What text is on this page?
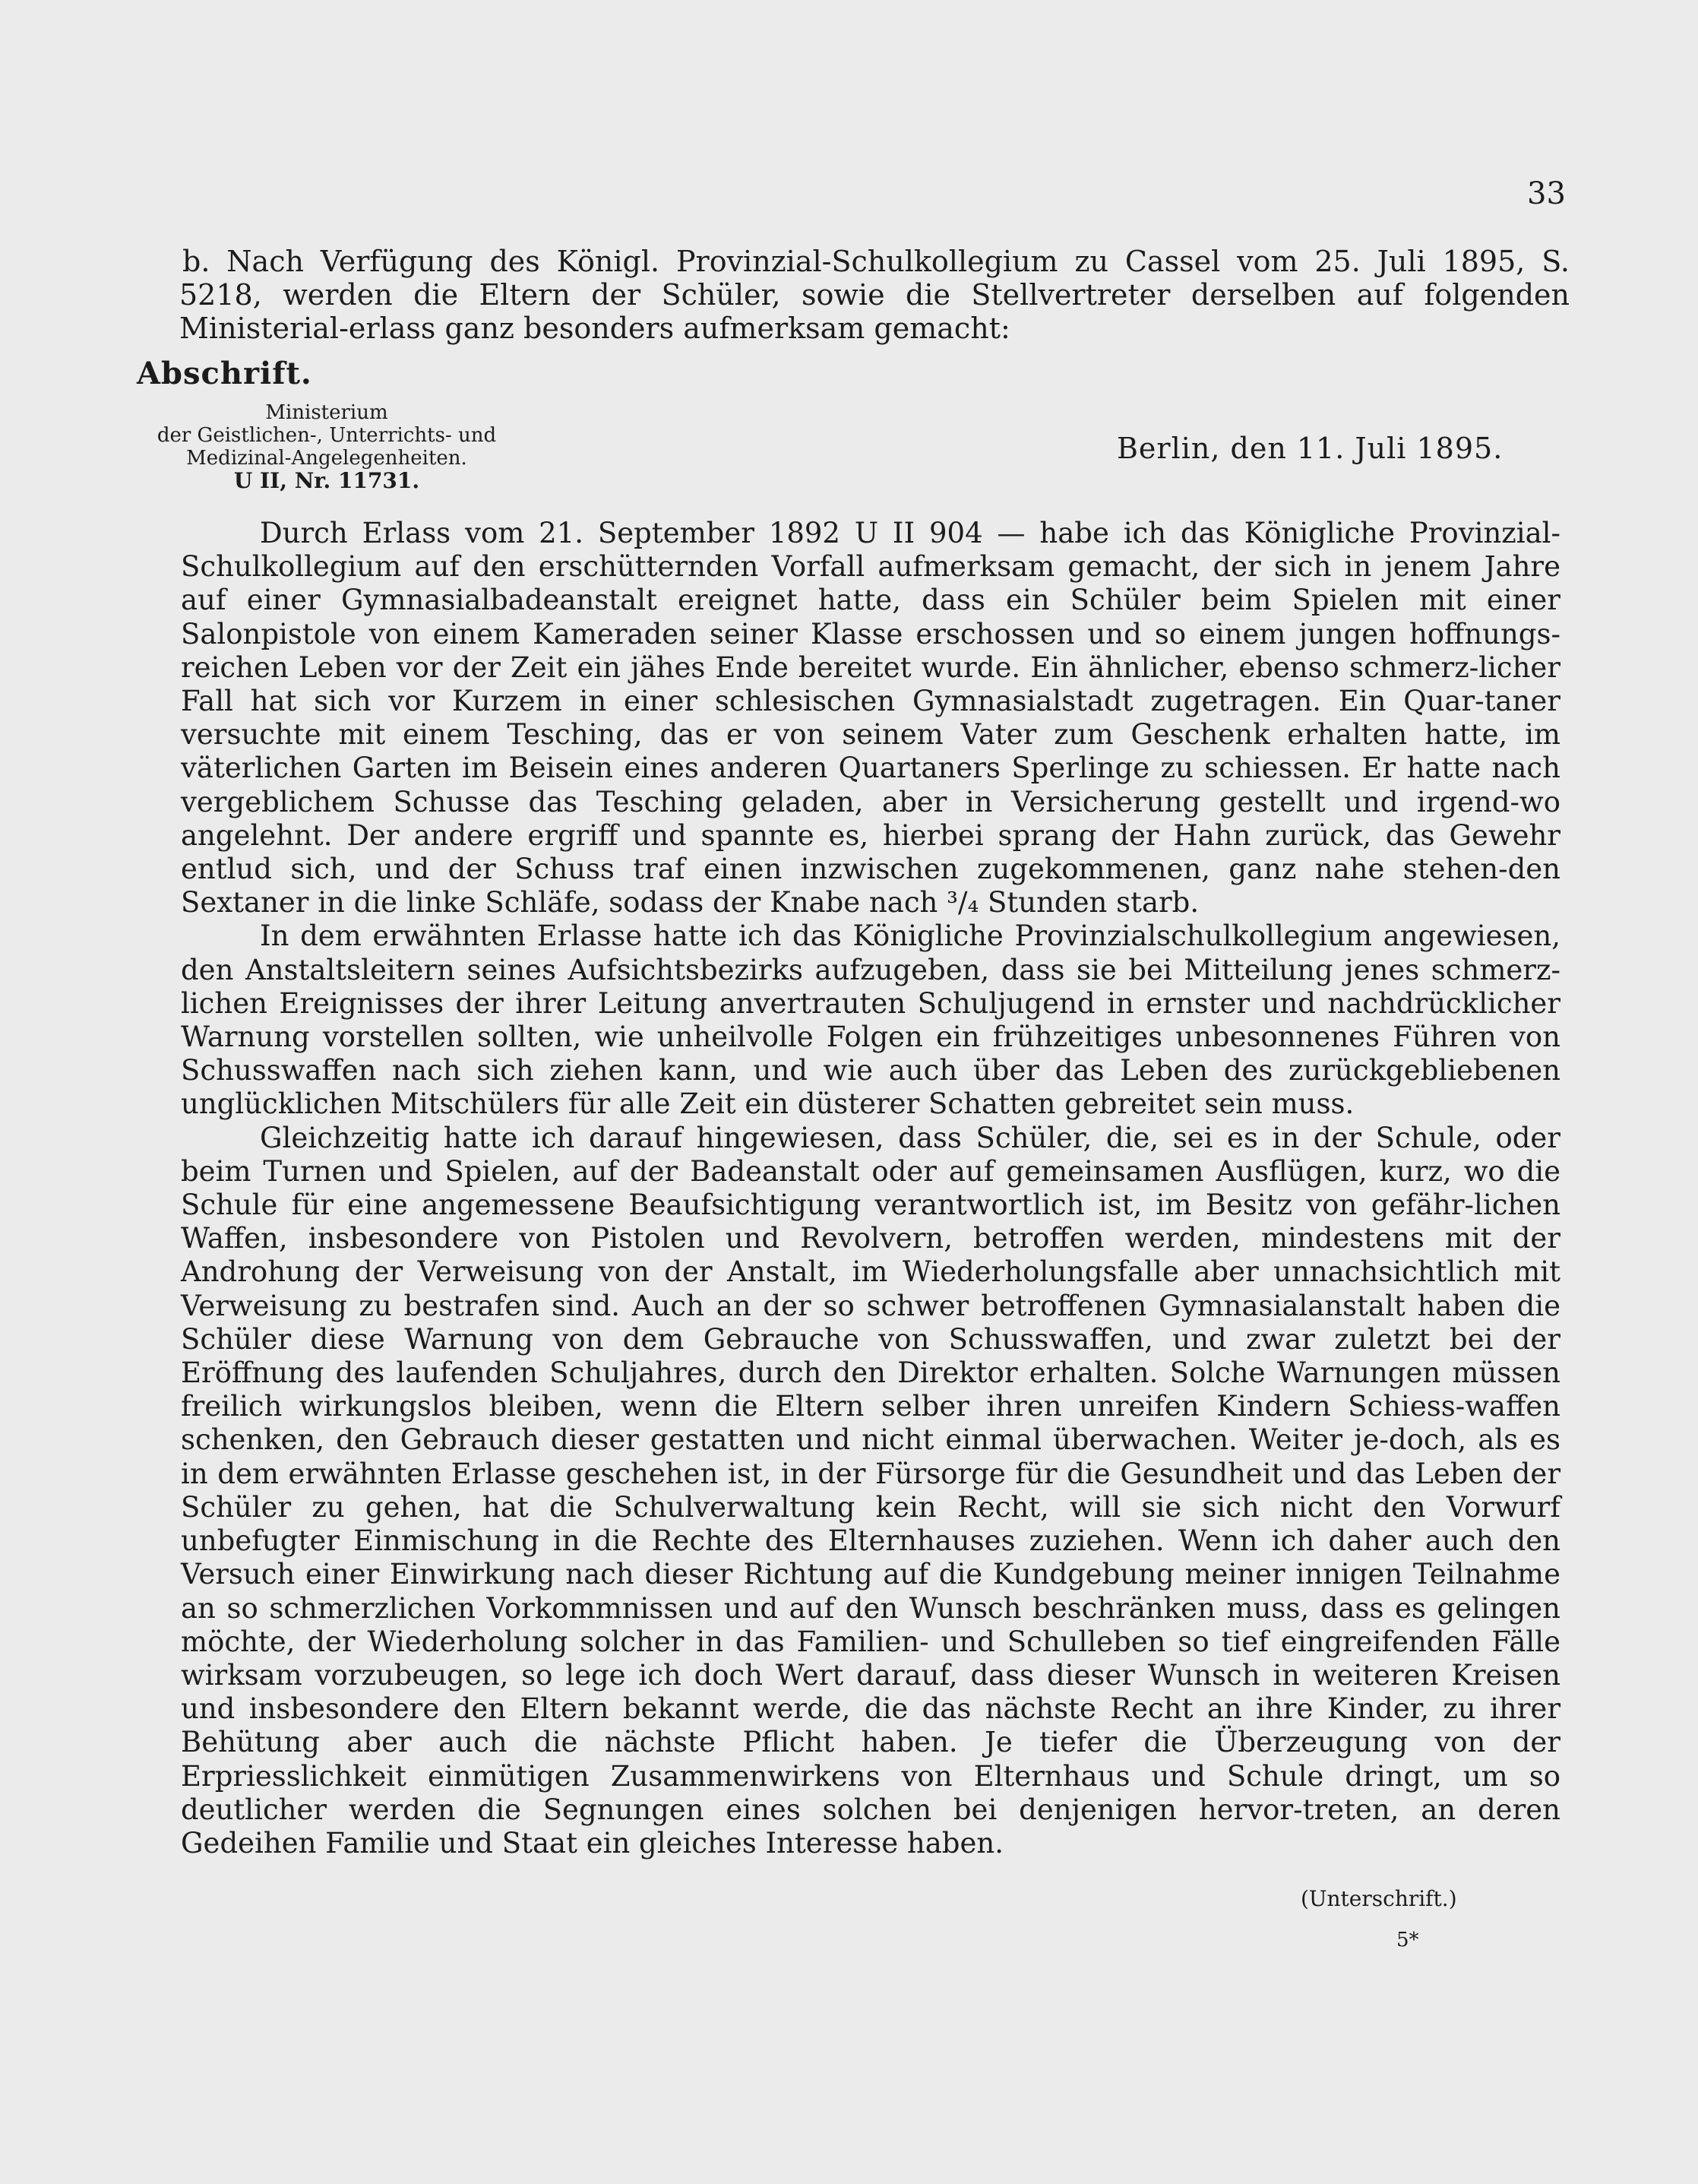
33
b. Nach Verfügung des Königl. Provinzial-Schulkollegium zu Cassel vom 25. Juli 1895, S. 5218, werden die Eltern der Schüler, sowie die Stellvertreter derselben auf folgenden Ministerial-erlass ganz besonders aufmerksam gemacht:
Abschrift.
Ministerium
der Geistlichen-, Unterrichts- und
Medizinal-Angelegenheiten.
U II, Nr. 11731.
Berlin, den 11. Juli 1895.

Durch Erlass vom 21. September 1892 U II 904 — habe ich das Königliche Provinzial-Schulkollegium auf den erschütternden Vorfall aufmerksam gemacht, der sich in jenem Jahre auf einer Gymnasialbadeanstalt ereignet hatte, dass ein Schüler beim Spielen mit einer Salonpistole von einem Kameraden seiner Klasse erschossen und so einem jungen hoffnungs-reichen Leben vor der Zeit ein jähes Ende bereitet wurde. Ein ähnlicher, ebenso schmerz-licher Fall hat sich vor Kurzem in einer schlesischen Gymnasialstadt zugetragen. Ein Quar-taner versuchte mit einem Tesching, das er von seinem Vater zum Geschenk erhalten hatte, im väterlichen Garten im Beisein eines anderen Quartaners Sperlinge zu schiessen. Er hatte nach vergeblichem Schusse das Tesching geladen, aber in Versicherung gestellt und irgend-wo angelehnt. Der andere ergriff und spannte es, hierbei sprang der Hahn zurück, das Gewehr entlud sich, und der Schuss traf einen inzwischen zugekommenen, ganz nahe stehen-den Sextaner in die linke Schläfe, sodass der Knabe nach ³/₄ Stunden starb.

In dem erwähnten Erlasse hatte ich das Königliche Provinzialschulkollegium angewiesen, den Anstaltsleitern seines Aufsichtsbezirks aufzugeben, dass sie bei Mitteilung jenes schmerz-lichen Ereignisses der ihrer Leitung anvertrauten Schuljugend in ernster und nachdrücklicher Warnung vorstellen sollten, wie unheilvolle Folgen ein frühzeitiges unbesonnenes Führen von Schusswaffen nach sich ziehen kann, und wie auch über das Leben des zurückgebliebenen unglücklichen Mitschülers für alle Zeit ein düsterer Schatten gebreitet sein muss.

Gleichzeitig hatte ich darauf hingewiesen, dass Schüler, die, sei es in der Schule, oder beim Turnen und Spielen, auf der Badeanstalt oder auf gemeinsamen Ausflügen, kurz, wo die Schule für eine angemessene Beaufsichtigung verantwortlich ist, im Besitz von gefähr-lichen Waffen, insbesondere von Pistolen und Revolvern, betroffen werden, mindestens mit der Androhung der Verweisung von der Anstalt, im Wiederholungsfalle aber unnachsichtlich mit Verweisung zu bestrafen sind. Auch an der so schwer betroffenen Gymnasialanstalt haben die Schüler diese Warnung von dem Gebrauche von Schusswaffen, und zwar zuletzt bei der Eröffnung des laufenden Schuljahres, durch den Direktor erhalten. Solche Warnungen müssen freilich wirkungslos bleiben, wenn die Eltern selber ihren unreifen Kindern Schiess-waffen schenken, den Gebrauch dieser gestatten und nicht einmal überwachen. Weiter je-doch, als es in dem erwähnten Erlasse geschehen ist, in der Fürsorge für die Gesundheit und das Leben der Schüler zu gehen, hat die Schulverwaltung kein Recht, will sie sich nicht den Vorwurf unbefugter Einmischung in die Rechte des Elternhauses zuziehen. Wenn ich daher auch den Versuch einer Einwirkung nach dieser Richtung auf die Kundgebung meiner innigen Teilnahme an so schmerzlichen Vorkommnissen und auf den Wunsch beschränken muss, dass es gelingen möchte, der Wiederholung solcher in das Familien- und Schulleben so tief eingreifenden Fälle wirksam vorzubeugen, so lege ich doch Wert darauf, dass dieser Wunsch in weiteren Kreisen und insbesondere den Eltern bekannt werde, die das nächste Recht an ihre Kinder, zu ihrer Behütung aber auch die nächste Pflicht haben. Je tiefer die Überzeugung von der Erpriesslichkeit einmütigen Zusammenwirkens von Elternhaus und Schule dringt, um so deutlicher werden die Segnungen eines solchen bei denjenigen hervor-treten, an deren Gedeihen Familie und Staat ein gleiches Interesse haben.

(Unterschrift.)
5*
